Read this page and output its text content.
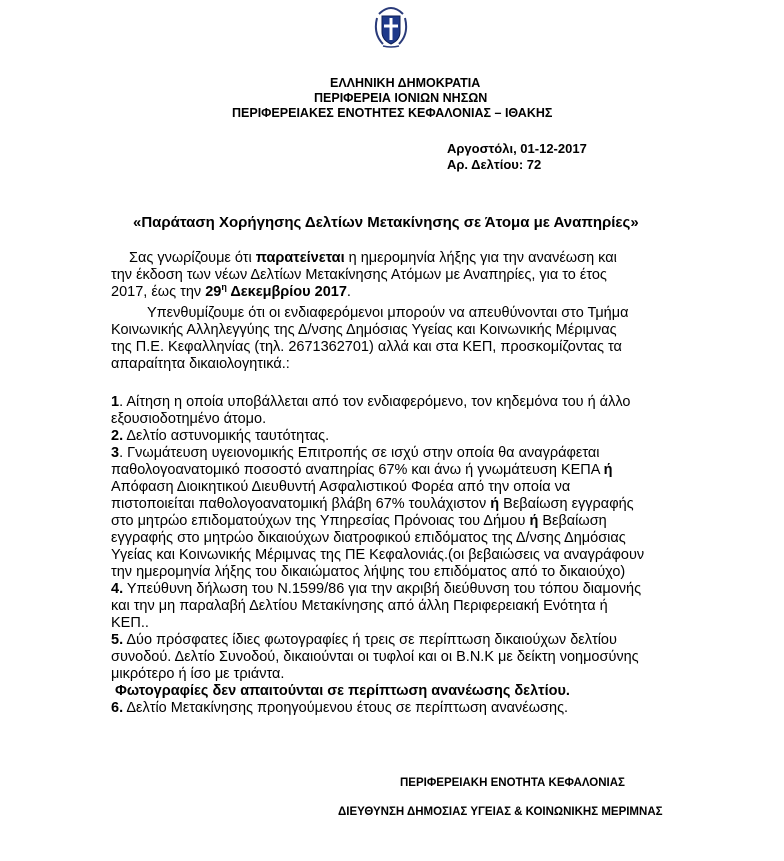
ΕΛΛΗΝΙΚΗ ΔΗΜΟΚΡΑΤΙΑ
ΠΕΡΙΦΕΡΕΙΑ ΙΟΝΙΩΝ ΝΗΣΩΝ
ΠΕΡΙΦΕΡΕΙΑΚΕΣ ΕΝΟΤΗΤΕΣ ΚΕΦΑΛΟΝΙΑΣ – ΙΘΑΚΗΣ
Αργοστόλι, 01-12-2017
Αρ. Δελτίου: 72
«Παράταση Χορήγησης Δελτίων Μετακίνησης σε Άτομα με Αναπηρίες»

Σας γνωρίζουμε ότι παρατείνεται η ημερομηνία λήξης για την ανανέωση και

την έκδοση των νέων Δελτίων Μετακίνησης Ατόμων με Αναπηρίες, για το έτος

2017, έως την $29^\eta$ Δεκεμβρίου 2017.

Υπενθυμίζουμε ότι οι ενδιαφερόμενοι μπορούν να απευθύνονται στο Τμήμα

Κοινωνικής Αλληλεγγύης της Δ/νσης Δημόσιας Υγείας και Κοινωνικής Μέριμνας

της Π.Ε. Κεφαλληνίας (τηλ. 2671362701) αλλά και στα ΚΕΠ, προσκομίζοντας τα

απαραίτητα δικαιολογητικά.:

1. Αίτηση η οποία υποβάλλεται από τον ενδιαφερόμενο, τον κηδεμόνα του ή άλλο

εξουσιοδοτημένο άτομο.

2. Δελτίο αστυνομικής ταυτότητας.

3. Γνωμάτευση υγειονομικής Επιτροπής σε ισχύ στην οποία θα αναγράφεται

παθολογοανατομικό ποσοστό αναπηρίας 67% και άνω ή γνωμάτευση ΚΕΠΑ ή

Απόφαση Διοικητικού Διευθυντή Ασφαλιστικού Φορέα από την οποία να

πιστοποιείται παθολογοανατομική βλάβη 67% τουλάχιστον ή Βεβαίωση εγγραφής

στο μητρώο επιδοματούχων της Υπηρεσίας Πρόνοιας του Δήμου ή Βεβαίωση

εγγραφής στο μητρώο δικαιούχων διατροφικού επιδόματος της Δ/νσης Δημόσιας

Υγείας και Κοινωνικής Μέριμνας της ΠΕ Κεφαλονιάς.(οι βεβαιώσεις να αναγράφουν

την ημερομηνία λήξης του δικαιώματος λήψης του επιδόματος από το δικαιούχο)

4. Υπεύθυνη δήλωση του Ν.1599/86 για την ακριβή διεύθυνση του τόπου διαμονής

και την μη παραλαβή Δελτίου Μετακίνησης από άλλη Περιφερειακή Ενότητα ή

ΚΕΠ..

5. Δύο πρόσφατες ίδιες φωτογραφίες ή τρεις σε περίπτωση δικαιούχων δελτίου

συνοδού. Δελτίο Συνοδού, δικαιούνται οι τυφλοί και οι Β.Ν.Κ με δείκτη νοημοσύνης

μικρότερο ή ίσο με τριάντα.

Φωτογραφίες δεν απαιτούνται σε περίπτωση ανανέωσης δελτίου.

6. Δελτίο Μετακίνησης προηγούμενου έτους σε περίπτωση ανανέωσης.

ΠΕΡΙΦΕΡΕΙΑΚΗ ΕΝΟΤΗΤΑ ΚΕΦΑΛΟΝΙΑΣ
ΔΙΕΥΘΥΝΣΗ ΔΗΜΟΣΙΑΣ ΥΓΕΙΑΣ & ΚΟΙΝΩΝΙΚΗΣ ΜΕΡΙΜΝΑΣ
